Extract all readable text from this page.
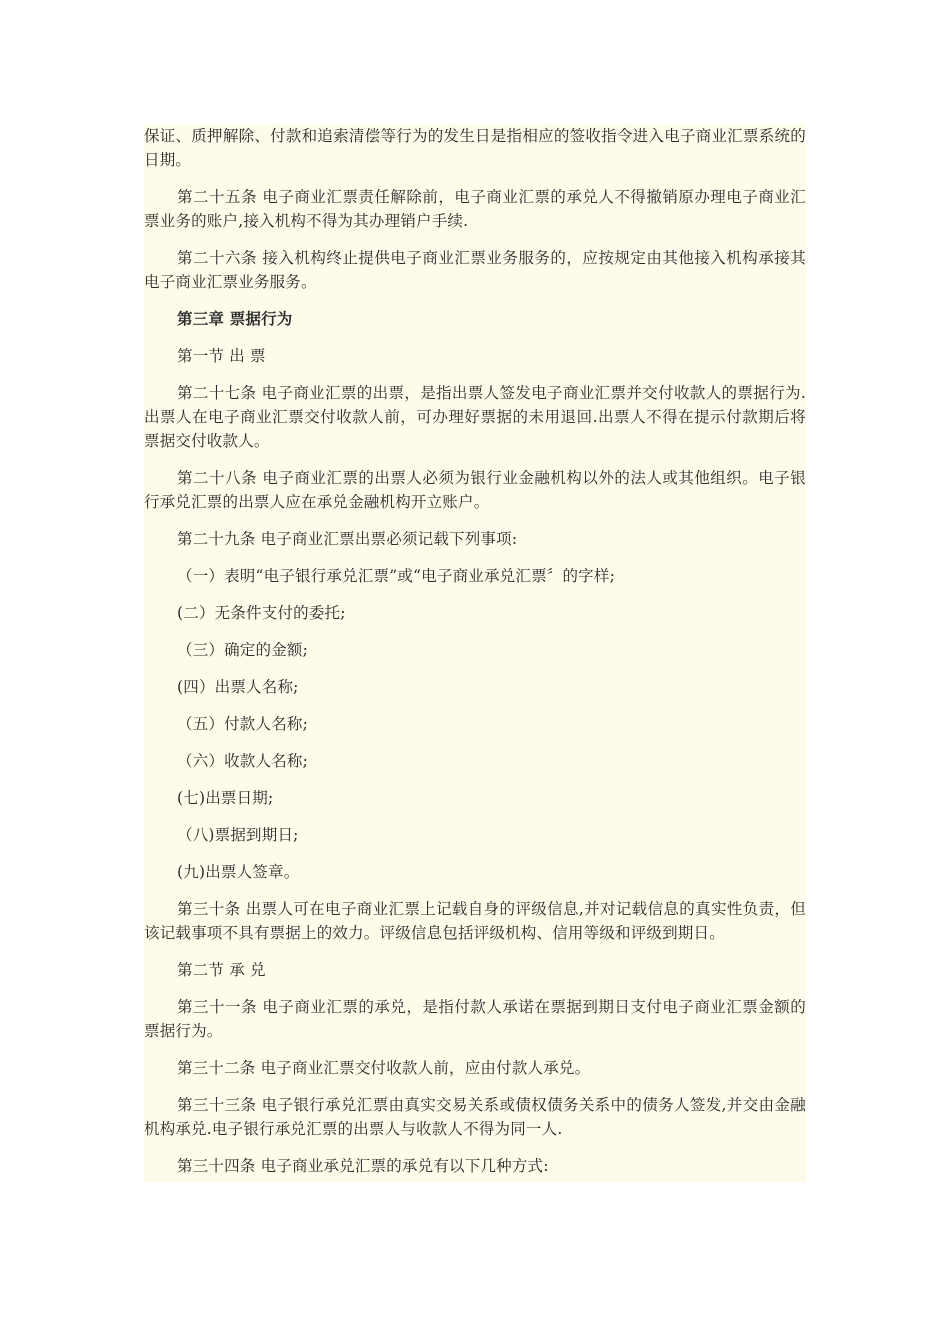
保证、质押解除、付款和追索清偿等行为的发生日是指相应的签收指令进入电子商业汇票系统的日期。

第二十五条 电子商业汇票责任解除前，电子商业汇票的承兑人不得撤销原办理电子商业汇票业务的账户,接入机构不得为其办理销户手续.

第二十六条 接入机构终止提供电子商业汇票业务服务的，应按规定由其他接入机构承接其电子商业汇票业务服务。

第三章 票据行为

第一节 出 票

第二十七条 电子商业汇票的出票，是指出票人签发电子商业汇票并交付收款人的票据行为.出票人在电子商业汇票交付收款人前，可办理好票据的未用退回.出票人不得在提示付款期后将票据交付收款人。

第二十八条 电子商业汇票的出票人必须为银行业金融机构以外的法人或其他组织。电子银行承兑汇票的出票人应在承兑金融机构开立账户。

第二十九条 电子商业汇票出票必须记载下列事项:

（一）表明“电子银行承兑汇票”或“电子商业承兑汇票〞的字样;

(二）无条件支付的委托;

（三）确定的金额;

(四）出票人名称;

（五）付款人名称;

（六）收款人名称;

(七)出票日期;

（八)票据到期日;

(九)出票人签章。

第三十条 出票人可在电子商业汇票上记载自身的评级信息,并对记载信息的真实性负责，但该记载事项不具有票据上的效力。评级信息包括评级机构、信用等级和评级到期日。

第二节 承 兑

第三十一条 电子商业汇票的承兑，是指付款人承诺在票据到期日支付电子商业汇票金额的票据行为。

第三十二条 电子商业汇票交付收款人前，应由付款人承兑。

第三十三条 电子银行承兑汇票由真实交易关系或债权债务关系中的债务人签发,并交由金融机构承兑.电子银行承兑汇票的出票人与收款人不得为同一人.

第三十四条 电子商业承兑汇票的承兑有以下几种方式:
